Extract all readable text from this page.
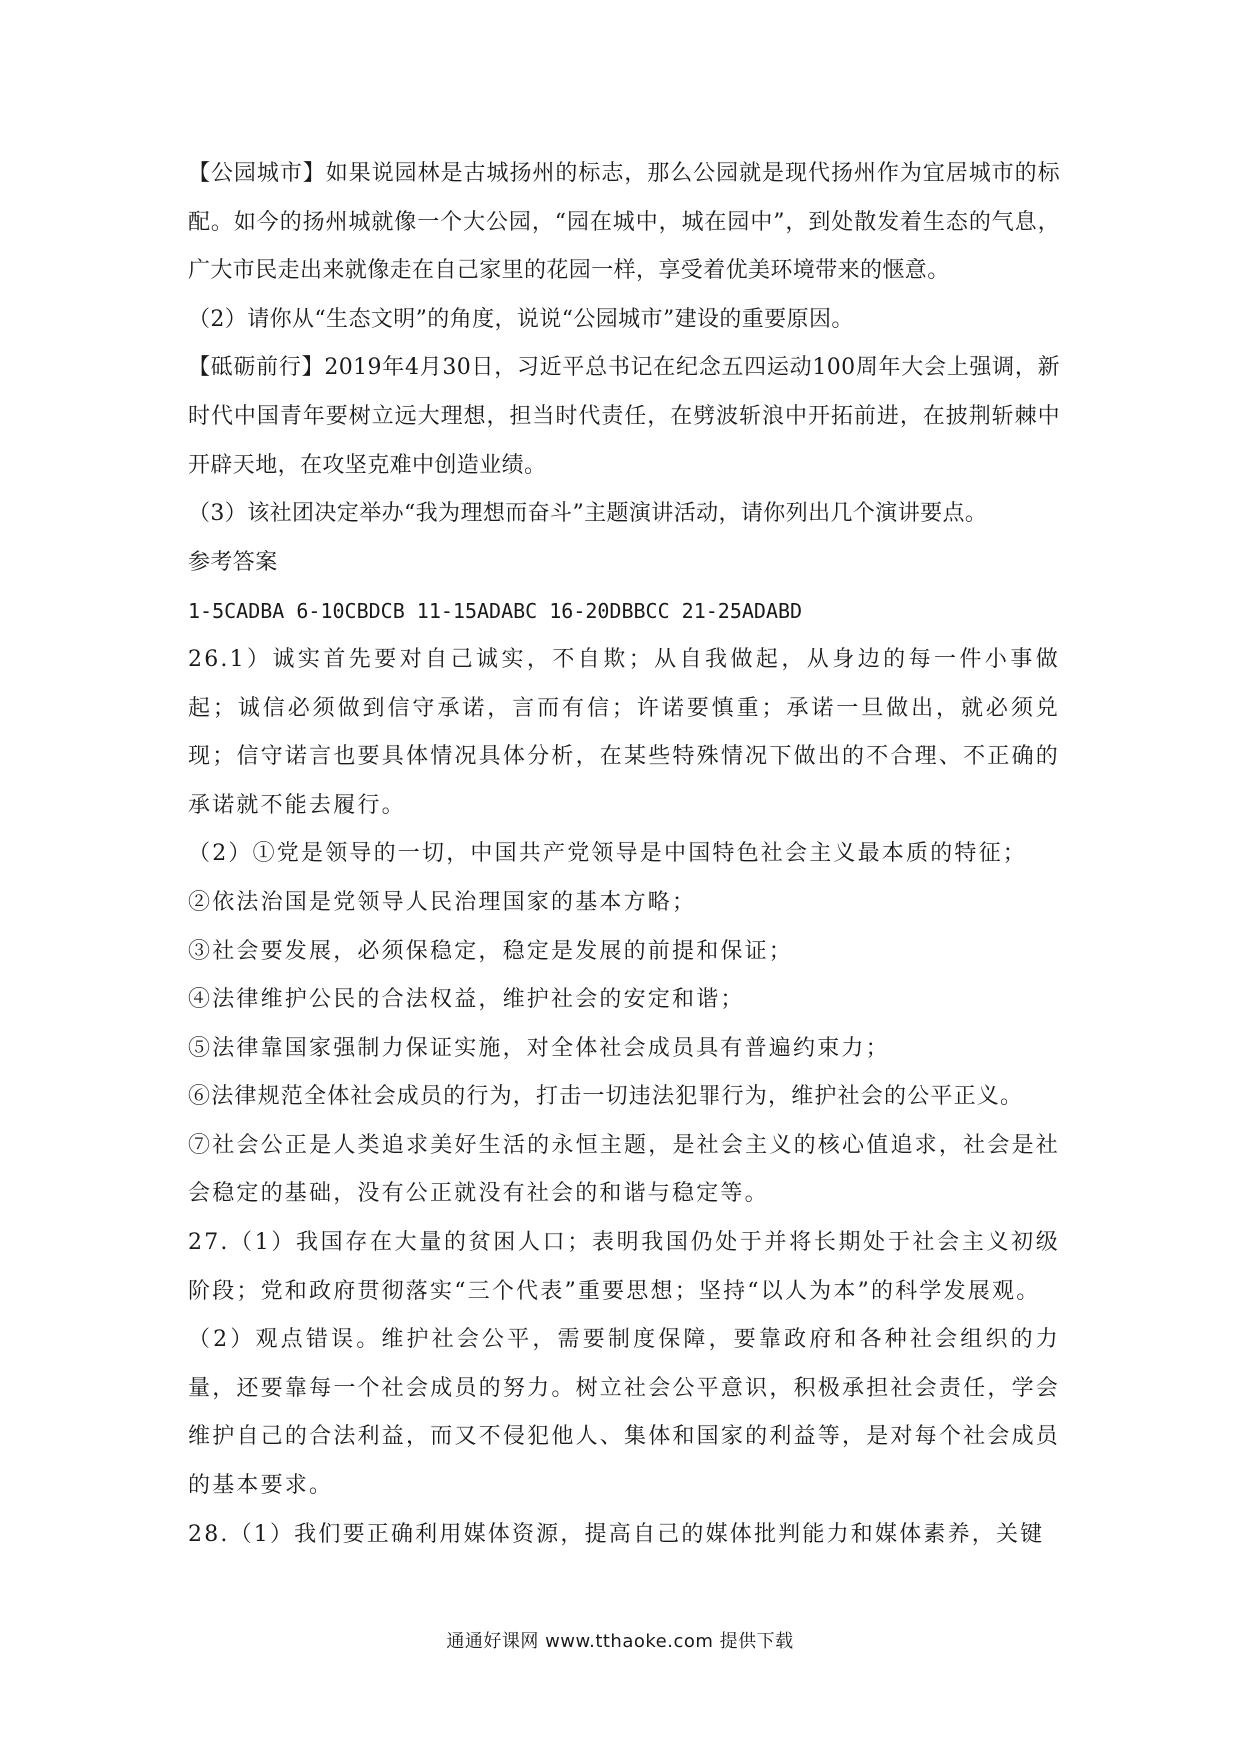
【公园城市】如果说园林是古城扬州的标志，那么公园就是现代扬州作为宜居城市的标配。如今的扬州城就像一个大公园，“园在城中，城在园中”，到处散发着生态的气息，广大市民走出来就像走在自己家里的花园一样，享受着优美环境带来的惬意。

（2）请你从“生态文明”的角度，说说“公园城市”建设的重要原因。

【砥砺前行】2019年4月30日，习近平总书记在纪念五四运动100周年大会上强调，新时代中国青年要树立远大理想，担当时代责任，在劈波斩浪中开拓前进，在披荆斩棘中开辟天地，在攻坚克难中创造业绩。

（3）该社团决定举办“我为理想而奋斗”主题演讲活动，请你列出几个演讲要点。

参考答案

1-5CADBA 6-10CBDCB 11-15ADABC 16-20DBBCC 21-25ADABD

26.1）诚实首先要对自己诚实，不自欺；从自我做起，从身边的每一件小事做起；诚信必须做到信守承诺，言而有信；许诺要慎重；承诺一旦做出，就必须兑现；信守诺言也要具体情况具体分析，在某些特殊情况下做出的不合理、不正确的承诺就不能去履行。

（2）①党是领导的一切，中国共产党领导是中国特色社会主义最本质的特征；

②依法治国是党领导人民治理国家的基本方略；

③社会要发展，必须保稳定，稳定是发展的前提和保证；

④法律维护公民的合法权益，维护社会的安定和谐；

⑤法律靠国家强制力保证实施，对全体社会成员具有普遍约束力；

⑥法律规范全体社会成员的行为，打击一切违法犯罪行为，维护社会的公平正义。

⑦社会公正是人类追求美好生活的永恒主题，是社会主义的核心值追求，社会是社会稳定的基础，没有公正就没有社会的和谐与稳定等。

27.（1）我国存在大量的贫困人口；表明我国仍处于并将长期处于社会主义初级阶段；党和政府贯彻落实“三个代表”重要思想；坚持“以人为本”的科学发展观。

（2）观点错误。维护社会公平，需要制度保障，要靠政府和各种社会组织的力量，还要靠每一个社会成员的努力。树立社会公平意识，积极承担社会责任，学会维护自己的合法利益，而又不侵犯他人、集体和国家的利益等，是对每个社会成员的基本要求。

28.（1）我们要正确利用媒体资源，提高自己的媒体批判能力和媒体素养，关键

通通好课网 www.tthaoke.com 提供下载
